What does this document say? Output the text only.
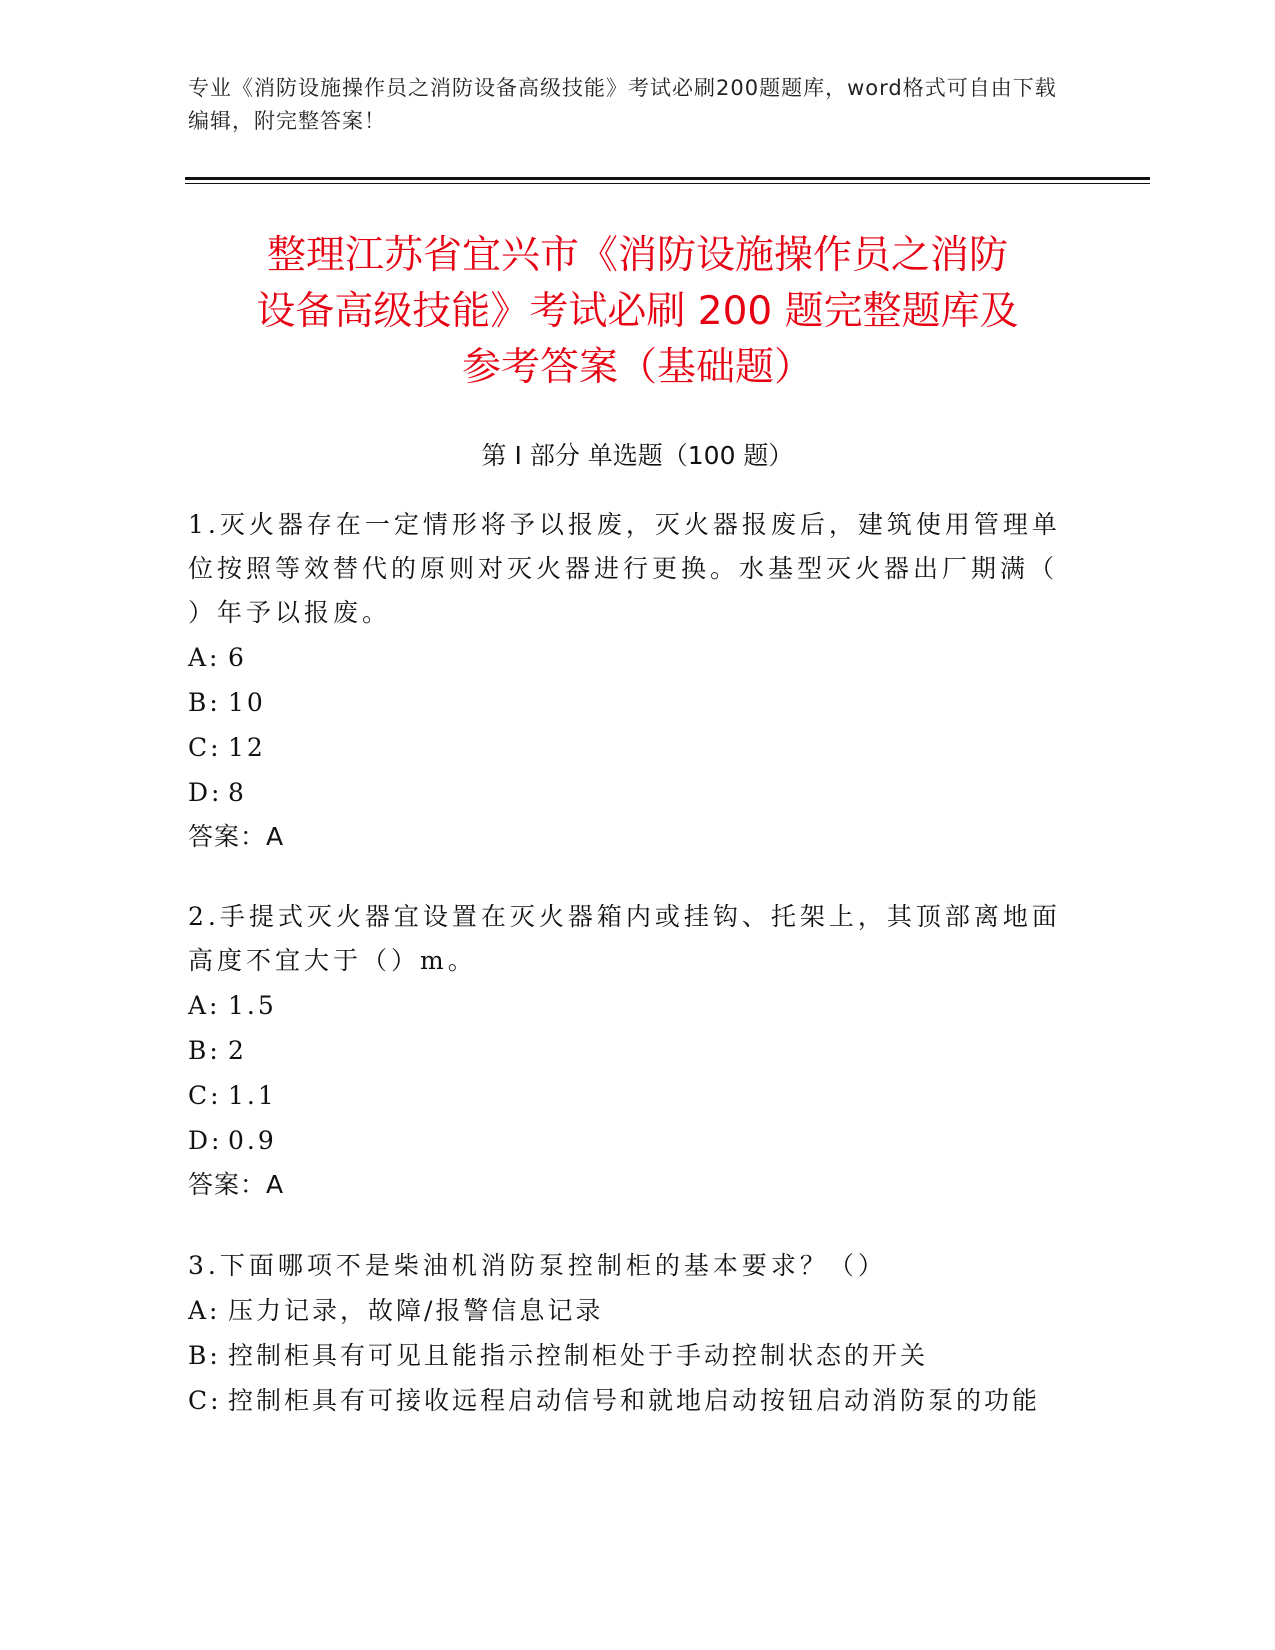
专业《消防设施操作员之消防设备高级技能》考试必刷200题题库，word格式可自由下载编辑，附完整答案！
整理江苏省宜兴市《消防设施操作员之消防
设备高级技能》考试必刷 200 题完整题库及
参考答案（基础题）
第 I 部分 单选题（100 题）
1.灭火器存在一定情形将予以报废，灭火器报废后，建筑使用管理单位按照等效替代的原则对灭火器进行更换。水基型灭火器出厂期满（ ）年予以报废。
A: 6
B: 10
C: 12
D: 8
答案：A
2.手提式灭火器宜设置在灭火器箱内或挂钩、托架上，其顶部离地面高度不宜大于（）m。
A: 1.5
B: 2
C: 1.1
D: 0.9
答案：A
3.下面哪项不是柴油机消防泵控制柜的基本要求？（）
A: 压力记录，故障/报警信息记录
B: 控制柜具有可见且能指示控制柜处于手动控制状态的开关
C: 控制柜具有可接收远程启动信号和就地启动按钮启动消防泵的功能
